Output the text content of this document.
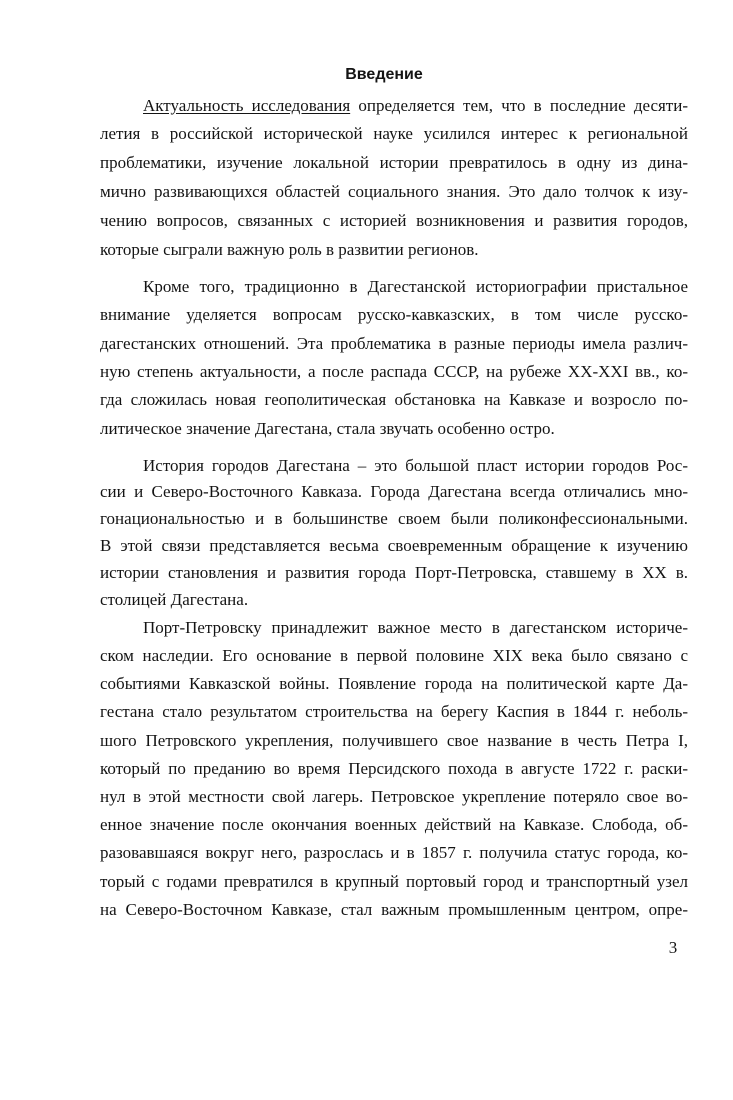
Введение
Актуальность исследования определяется тем, что в последние десяти-
летия в российской исторической науке усилился интерес к региональной
проблематики, изучение локальной истории превратилось в одну из дина-
мично развивающихся областей социального знания. Это дало толчок к изу-
чению вопросов, связанных с историей возникновения и развития городов,
которые сыграли важную роль в развитии регионов.
Кроме того, традиционно в Дагестанской историографии пристальное
внимание уделяется вопросам русско-кавказских, в том числе русско-
дагестанских отношений. Эта проблематика в разные периоды имела различ-
ную степень актуальности, а после распада СССР, на рубеже XX-XXI вв., ко-
гда сложилась новая геополитическая обстановка на Кавказе и возросло по-
литическое значение Дагестана, стала звучать особенно остро.
История городов Дагестана – это большой пласт истории городов Рос-
сии и Северо-Восточного Кавказа. Города Дагестана всегда отличались мно-
гонациональностью и в большинстве своем были поликонфессиональными.
В этой связи представляется весьма своевременным обращение к изучению
истории становления и развития города Порт-Петровска, ставшему в XX в.
столицей Дагестана.
Порт-Петровску принадлежит важное место в дагестанском историче-
ском наследии. Его основание в первой половине XIX века было связано с
событиями Кавказской войны. Появление города на политической карте Да-
гестана стало результатом строительства на берегу Каспия в 1844 г. неболь-
шого Петровского укрепления, получившего свое название в честь Петра I,
который по преданию во время Персидского похода в августе 1722 г. раски-
нул в этой местности свой лагерь. Петровское укрепление потеряло свое во-
енное значение после окончания военных действий на Кавказе. Слобода, об-
разовавшаяся вокруг него, разрослась и в 1857 г. получила статус города, ко-
торый с годами превратился в крупный портовый город и транспортный узел
на Северо-Восточном Кавказе, стал важным промышленным центром, опре-
3
